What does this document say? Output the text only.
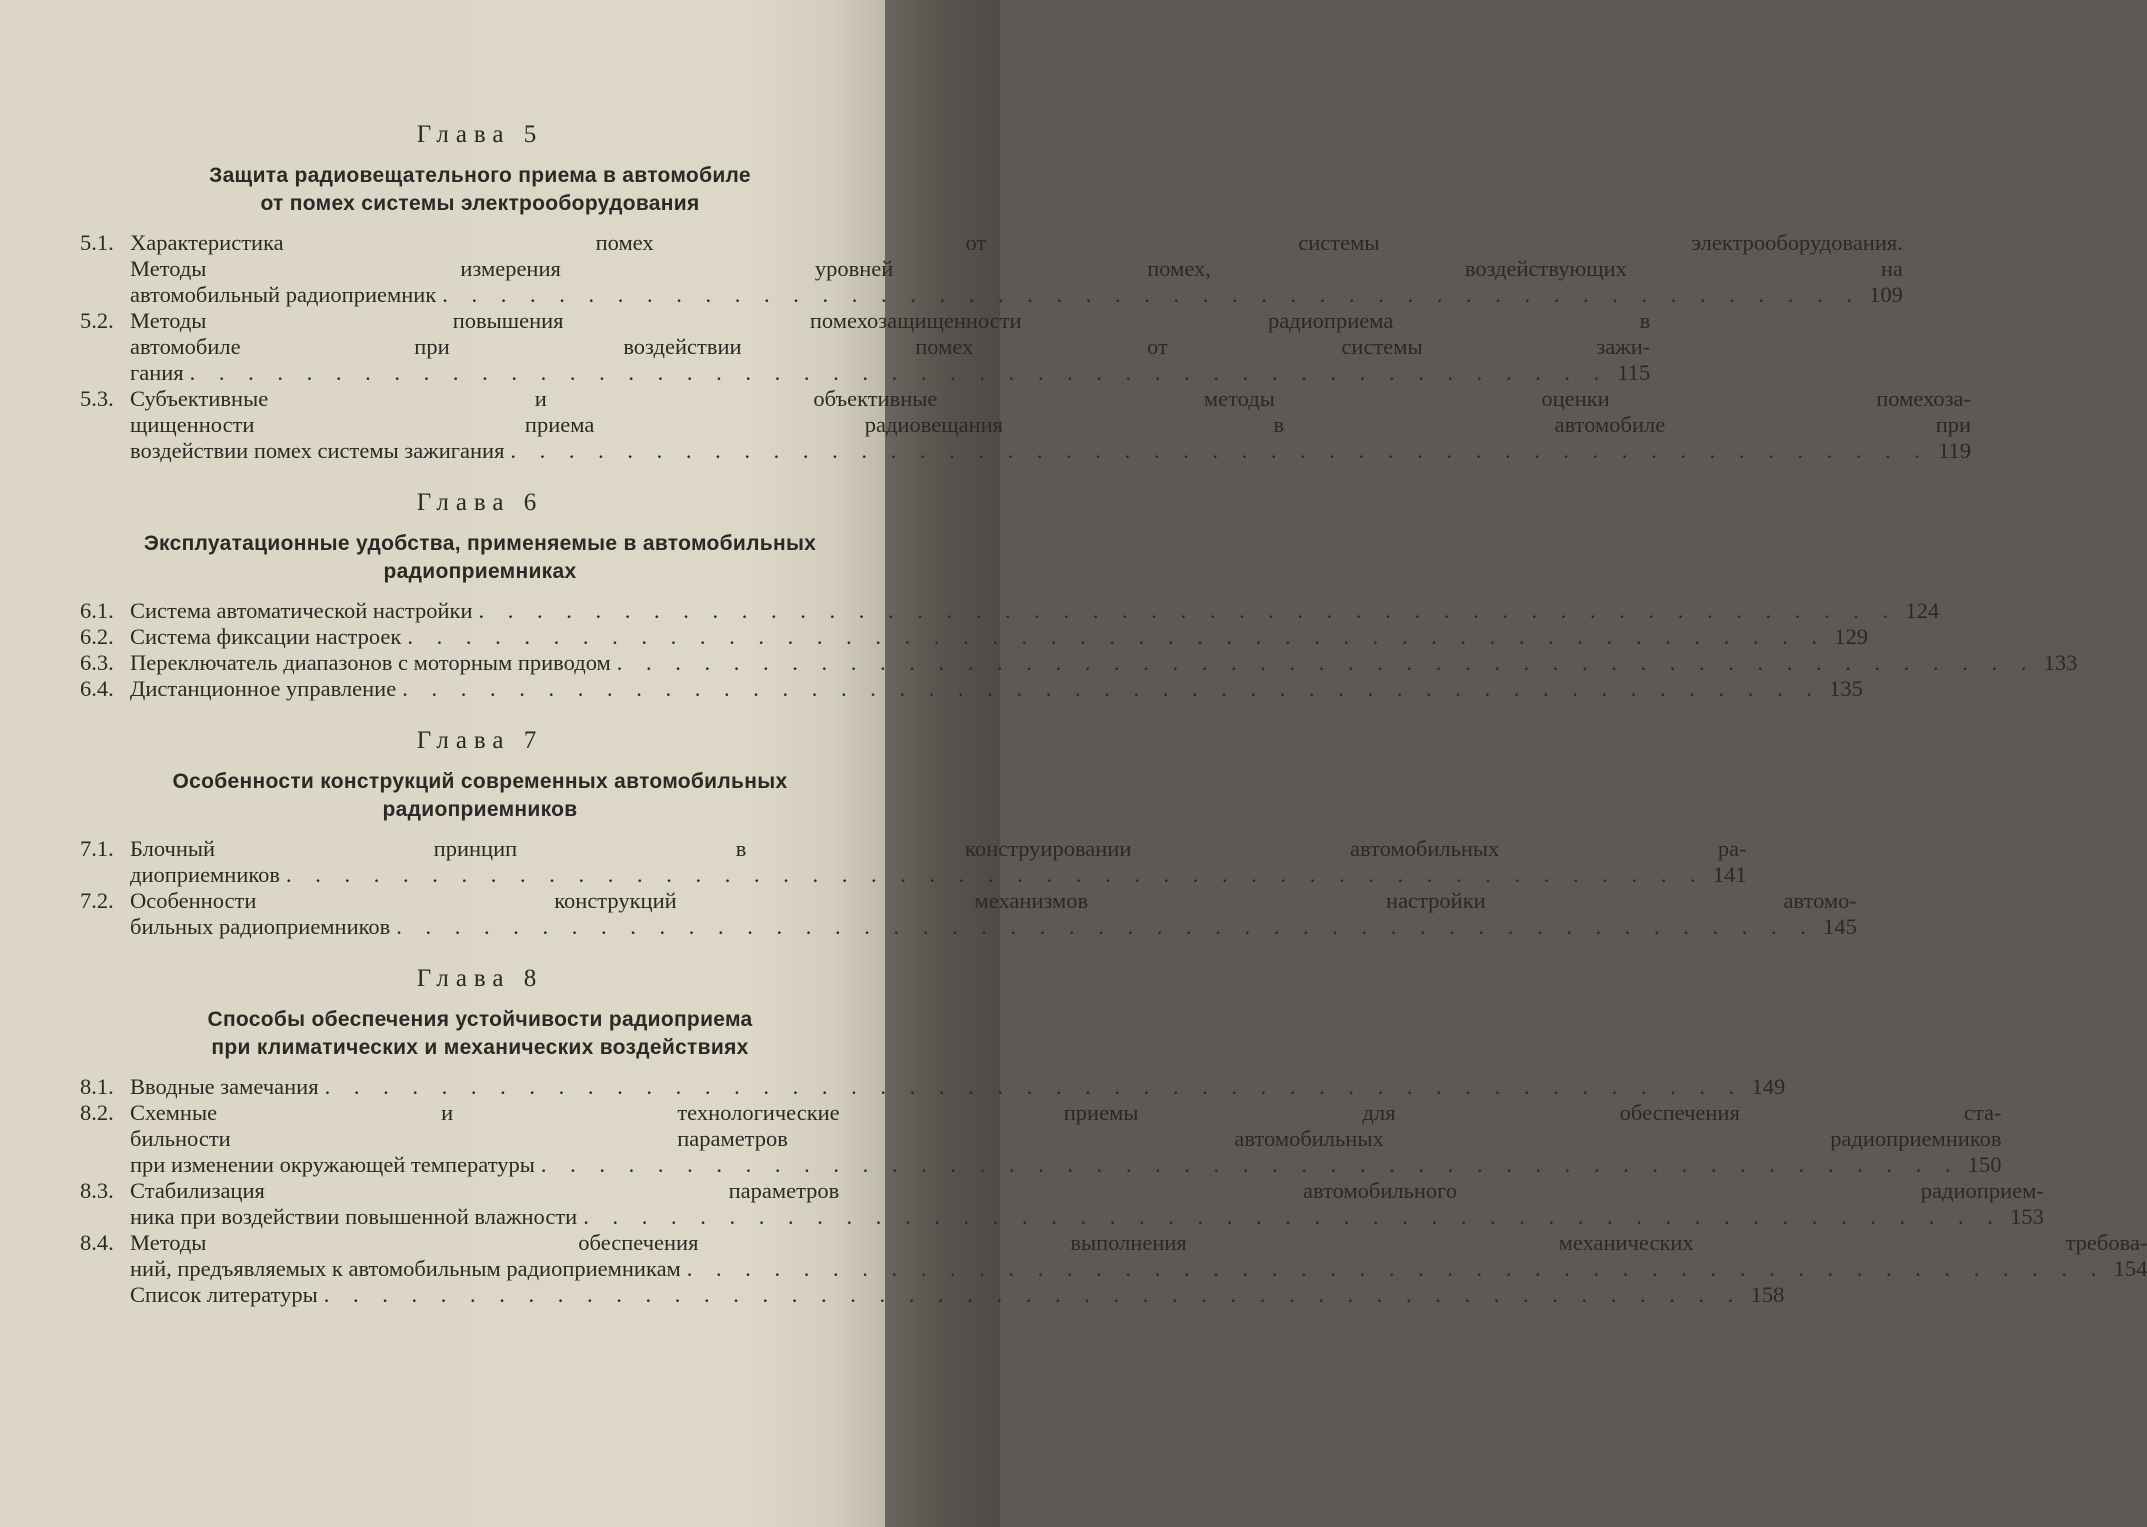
Глава 5
Защита радиовещательного приема в автомобиле
от помех системы электрооборудования
5.1. Характеристика помех от системы электрооборудования.
Методы измерения уровней помех, воздействующих на
автомобильный радиоприемник . . . . . . . . . . . . . . . . . . . . . . . . . . . . . . . . . . . . . . . . . . . . . . . . . 109
5.2. Методы повышения помехозащищенности радиоприема в
автомобиле при воздействии помех от системы зажи-
гания . . . . . . . . . . . . . . . . . . . . . . . . . . . . . . . . . . . . . . . . . . . . . . . . . 115
5.3. Субъективные и объективные методы оценки помехоза-
щищенности приема радиовещания в автомобиле при
воздействии помех системы зажигания . . . . . . . . . . . . . . . . . . . . . . . . . . . . . . . . . . . . . . . . . . . . . . . . . 119
Глава 6
Эксплуатационные удобства, применяемые в автомобильных
радиоприемниках
6.1. Система автоматической настройки . . . . . . . . . . . . . . . . . . . . . . . . . . . . . . . . . . . . . . . . . . . . . . . . . 124
6.2. Система фиксации настроек . . . . . . . . . . . . . . . . . . . . . . . . . . . . . . . . . . . . . . . . . . . . . . . . . 129
6.3. Переключатель диапазонов с моторным приводом . . . . . . . . . . . . . . . . . . . . . . . . . . . . . . . . . . . . . . . . . . . . . . . . . 133
6.4. Дистанционное управление . . . . . . . . . . . . . . . . . . . . . . . . . . . . . . . . . . . . . . . . . . . . . . . . . 135
Глава 7
Особенности конструкций современных автомобильных
радиоприемников
7.1. Блочный принцип в конструировании автомобильных ра-
диоприемников . . . . . . . . . . . . . . . . . . . . . . . . . . . . . . . . . . . . . . . . . . . . . . . . . 141
7.2. Особенности конструкций механизмов настройки автомо-
бильных радиоприемников . . . . . . . . . . . . . . . . . . . . . . . . . . . . . . . . . . . . . . . . . . . . . . . . . 145
Глава 8
Способы обеспечения устойчивости радиоприема
при климатических и механических воздействиях
8.1. Вводные замечания . . . . . . . . . . . . . . . . . . . . . . . . . . . . . . . . . . . . . . . . . . . . . . . . . 149
8.2. Схемные и технологические приемы для обеспечения ста-
бильности параметров автомобильных радиоприемников
при изменении окружающей температуры . . . . . . . . . . . . . . . . . . . . . . . . . . . . . . . . . . . . . . . . . . . . . . . . . 150
8.3. Стабилизация параметров автомобильного радиоприем-
ника при воздействии повышенной влажности . . . . . . . . . . . . . . . . . . . . . . . . . . . . . . . . . . . . . . . . . . . . . . . . . 153
8.4. Методы обеспечения выполнения механических требова-
ний, предъявляемых к автомобильным радиоприемникам . . . . . . . . . . . . . . . . . . . . . . . . . . . . . . . . . . . . . . . . . . . . . . . . . 154
Список литературы . . . . . . . . . . . . . . . . . . . . . . . . . . . . . . . . . . . . . . . . . . . . . . . . . 158
